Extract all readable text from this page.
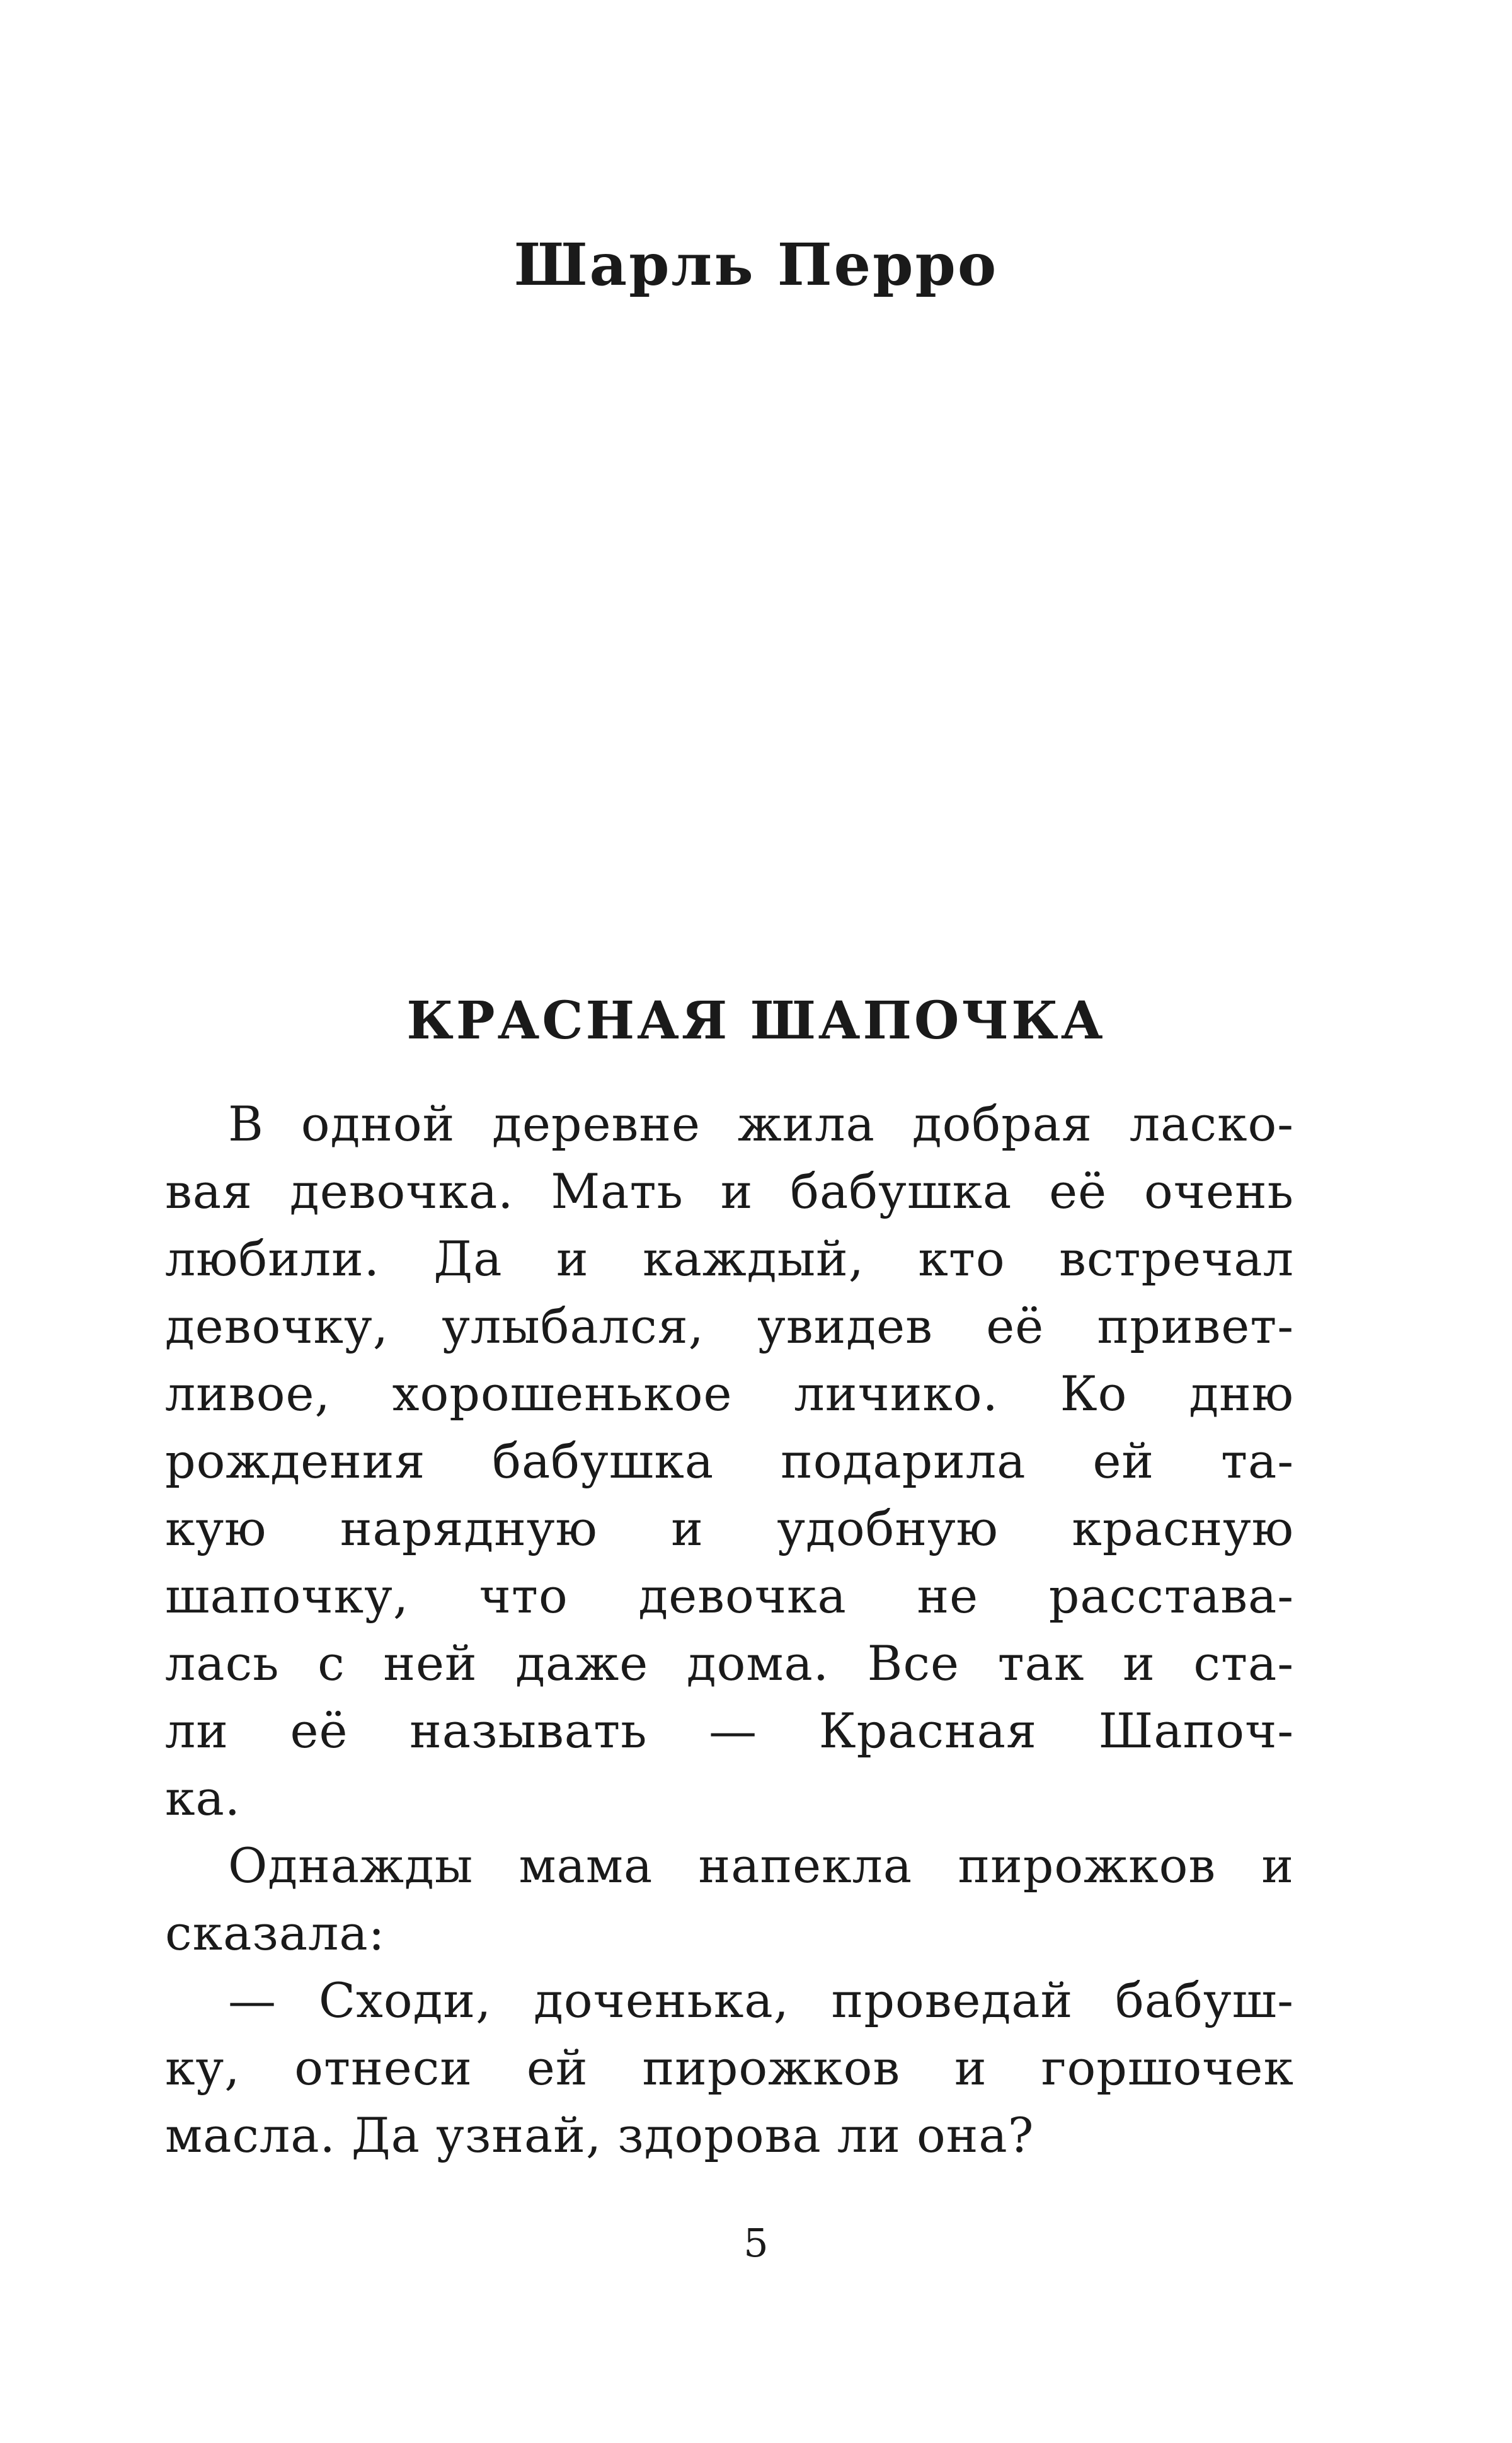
Шарль Перро
КРАСНАЯ ШАПОЧКА
В одной деревне жила добрая ласко-
вая девочка. Мать и бабушка её очень
любили. Да и каждый, кто встречал
девочку, улыбался, увидев её привет-
ливое, хорошенькое личико. Ко дню
рождения бабушка подарила ей та-
кую нарядную и удобную красную
шапочку, что девочка не расстава-
лась с ней даже дома. Все так и ста-
ли её называть — Красная Шапоч-
ка.
Однажды мама напекла пирожков и
сказала:
— Сходи, доченька, проведай бабуш-
ку, отнеси ей пирожков и горшочек
масла. Да узнай, здорова ли она?
5
